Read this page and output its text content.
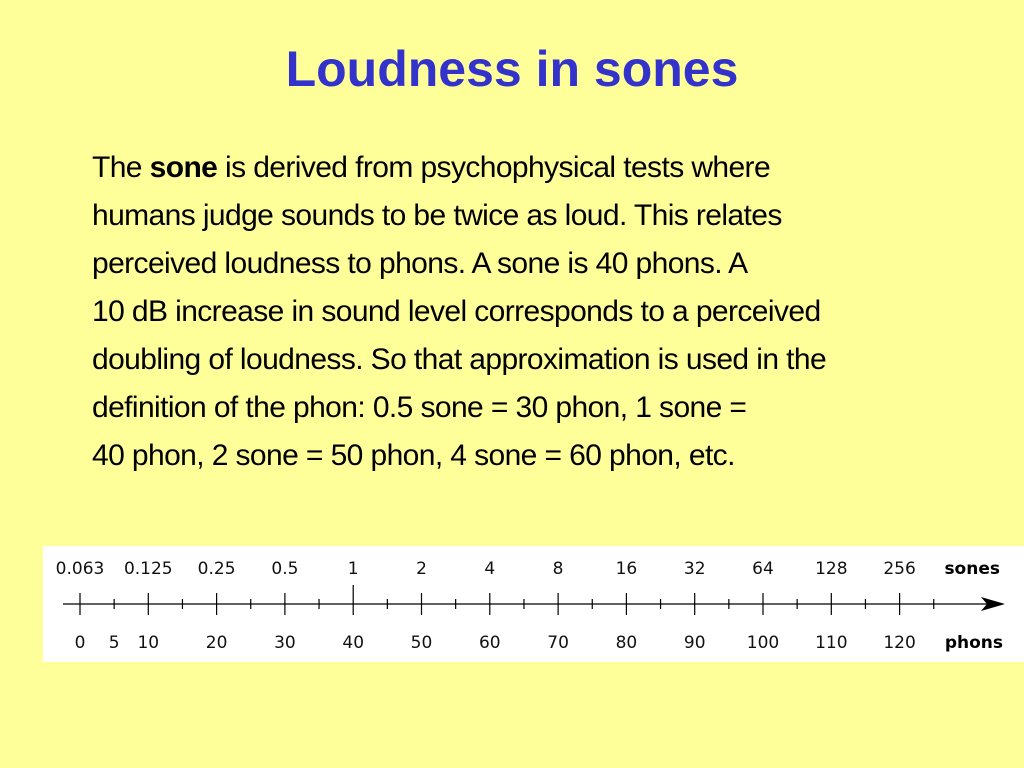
Loudness in sones
The sone is derived from psychophysical tests where
humans judge sounds to be twice as loud. This relates
perceived loudness to phons. A sone is 40 phons. A
10 dB increase in sound level corresponds to a perceived
doubling of loudness. So that approximation is used in the
definition of the phon: 0.5 sone = 30 phon, 1 sone =
40 phon, 2 sone = 50 phon, 4 sone = 60 phon, etc.
0.063 0.125 0.25 0.5	1	2	4	8	16	32	64 128 256
0 5 10	20	30	40	50	60	70	80	90 100 110 120
sones
phons
